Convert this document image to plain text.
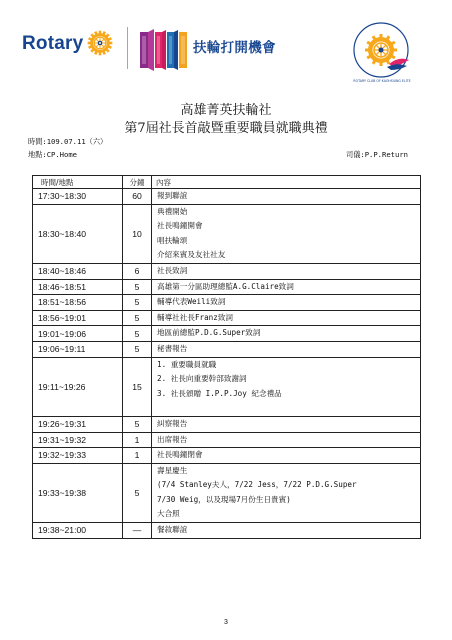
Rotary	扶輪打開機會
ROTARY CLUB OF KAOHSIUNG ELITE
高雄菁英扶輪社
第7屆社長首敲暨重要職員就職典禮
時間:109.07.11（六）
地點:CP.Home	司儀:P.P.Return
時間/地點	分鐘	內容
17:30~18:30	60	報到聯誼

18:30~18:40	10	典禮開始
社長鳴鐘開會
唱扶輪頌
介紹來賓及友社社友

18:40~18:46	6	社長致詞

18:46~18:51	5	高雄第一分區助理總監A.G.Claire致詞

18:51~18:56	5	輔導代表Weili致詞

18:56~19:01	5	輔導社社長Franz致詞

19:01~19:06	5	地區前總監P.D.G.Super致詞

19:06~19:11	5	秘書報告

19:11~19:26	15	1. 重要職員就職
2. 社長向重要幹部致謝詞
3. 社長頒贈 I.P.P.Joy 紀念禮品

19:26~19:31	5	糾察報告

19:31~19:32	1	出席報告

19:32~19:33	1	社長鳴鐘閉會

19:33~19:38	5	壽星慶生
(7/4 Stanley夫人，7/22 Jess，7/22 P.D.G.Super
7/30 Weig，以及現場7月份生日貴賓)
大合照

19:38~21:00	—	餐敘聯誼
3
